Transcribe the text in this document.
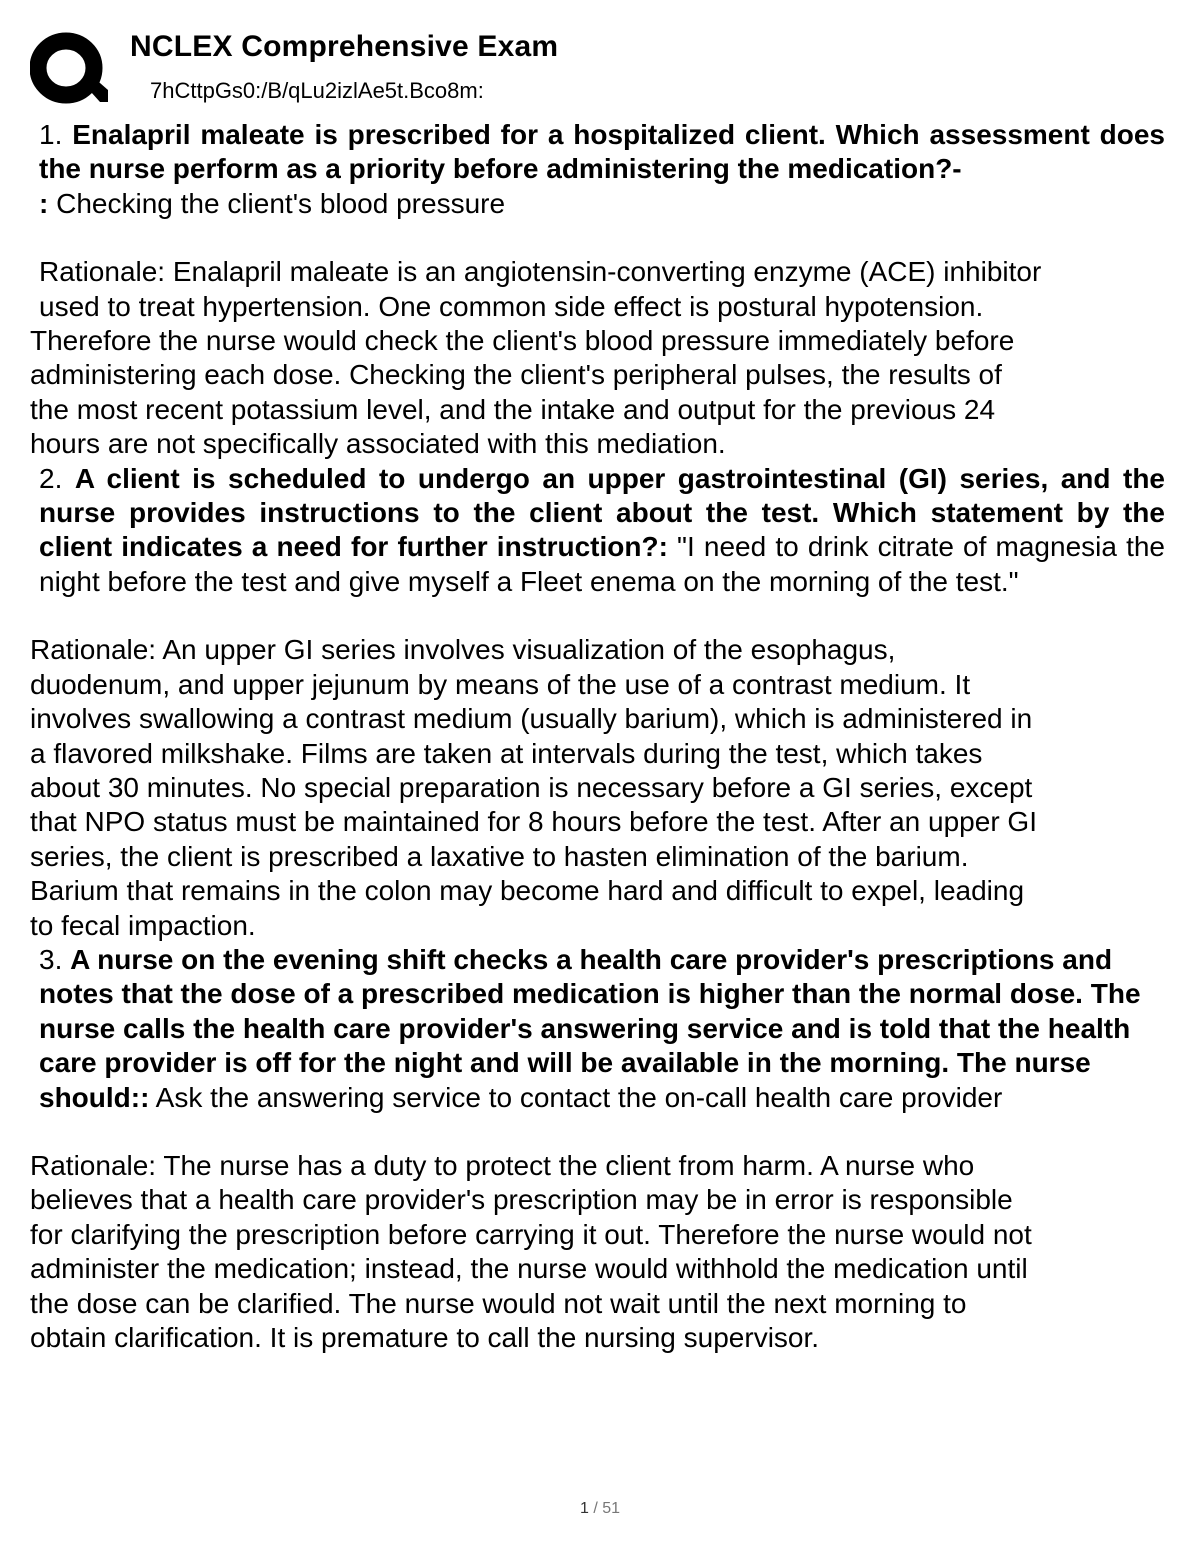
NCLEX Comprehensive Exam
7hCttpGs0:/B/qLu2izlAe5t.Bco8m:
1. Enalapril maleate is prescribed for a hospitalized client. Which assessment does the nurse perform as a priority before administering the medication?-
: Checking the client's blood pressure
Rationale: Enalapril maleate is an angiotensin-converting enzyme (ACE) inhibitor
used to treat hypertension. One common side effect is postural hypotension.
Therefore the nurse would check the client's blood pressure immediately before
administering each dose. Checking the client's peripheral pulses, the results of
the most recent potassium level, and the intake and output for the previous 24
hours are not specifically associated with this mediation.
2. A client is scheduled to undergo an upper gastrointestinal (GI) series, and the nurse provides instructions to the client about the test. Which statement by the client indicates a need for further instruction?: "I need to drink citrate of magnesia the night before the test and give myself a Fleet enema on the morning of the test."
Rationale: An upper GI series involves visualization of the esophagus,
duodenum, and upper jejunum by means of the use of a contrast medium. It
involves swallowing a contrast medium (usually barium), which is administered in
a flavored milkshake. Films are taken at intervals during the test, which takes
about 30 minutes. No special preparation is necessary before a GI series, except
that NPO status must be maintained for 8 hours before the test. After an upper GI
series, the client is prescribed a laxative to hasten elimination of the barium.
Barium that remains in the colon may become hard and difficult to expel, leading
to fecal impaction.
3. A nurse on the evening shift checks a health care provider's prescriptions and notes that the dose of a prescribed medication is higher than the normal dose. The nurse calls the health care provider's answering service and is told that the health care provider is off for the night and will be available in the morning. The nurse should:: Ask the answering service to contact the on-call health care provider
Rationale: The nurse has a duty to protect the client from harm. A nurse who
believes that a health care provider's prescription may be in error is responsible
for clarifying the prescription before carrying it out. Therefore the nurse would not
administer the medication; instead, the nurse would withhold the medication until
the dose can be clarified. The nurse would not wait until the next morning to
obtain clarification. It is premature to call the nursing supervisor.
1 / 51
